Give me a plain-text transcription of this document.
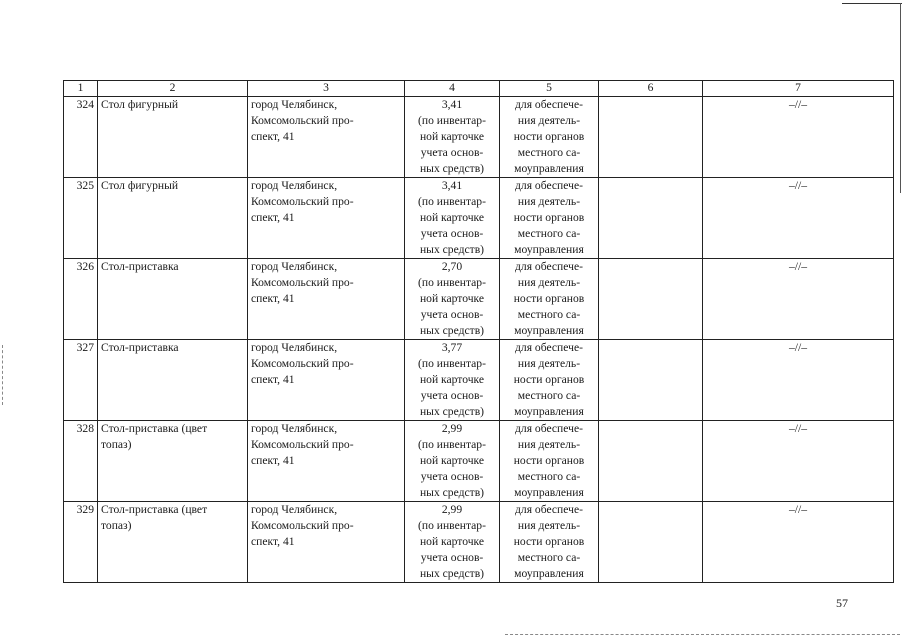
1	2	3	4	5	6	7
324	Стол фигурный	город Челябинск,
Комсомольский про-
спект, 41	3,41
(по инвентар-
ной карточке
учета основ-
ных средств)	для обеспече-
ния деятель-
ности органов
местного са-
моуправления		–//–
325	Стол фигурный	город Челябинск,
Комсомольский про-
спект, 41	3,41
(по инвентар-
ной карточке
учета основ-
ных средств)	для обеспече-
ния деятель-
ности органов
местного са-
моуправления		–//–
326	Стол-приставка	город Челябинск,
Комсомольский про-
спект, 41	2,70
(по инвентар-
ной карточке
учета основ-
ных средств)	для обеспече-
ния деятель-
ности органов
местного са-
моуправления		–//–
327	Стол-приставка	город Челябинск,
Комсомольский про-
спект, 41	3,77
(по инвентар-
ной карточке
учета основ-
ных средств)	для обеспече-
ния деятель-
ности органов
местного са-
моуправления		–//–
328	Стол-приставка (цвет
топаз)	город Челябинск,
Комсомольский про-
спект, 41	2,99
(по инвентар-
ной карточке
учета основ-
ных средств)	для обеспече-
ния деятель-
ности органов
местного са-
моуправления		–//–
329	Стол-приставка (цвет
топаз)	город Челябинск,
Комсомольский про-
спект, 41	2,99
(по инвентар-
ной карточке
учета основ-
ных средств)	для обеспече-
ния деятель-
ности органов
местного са-
моуправления		–//–
57
